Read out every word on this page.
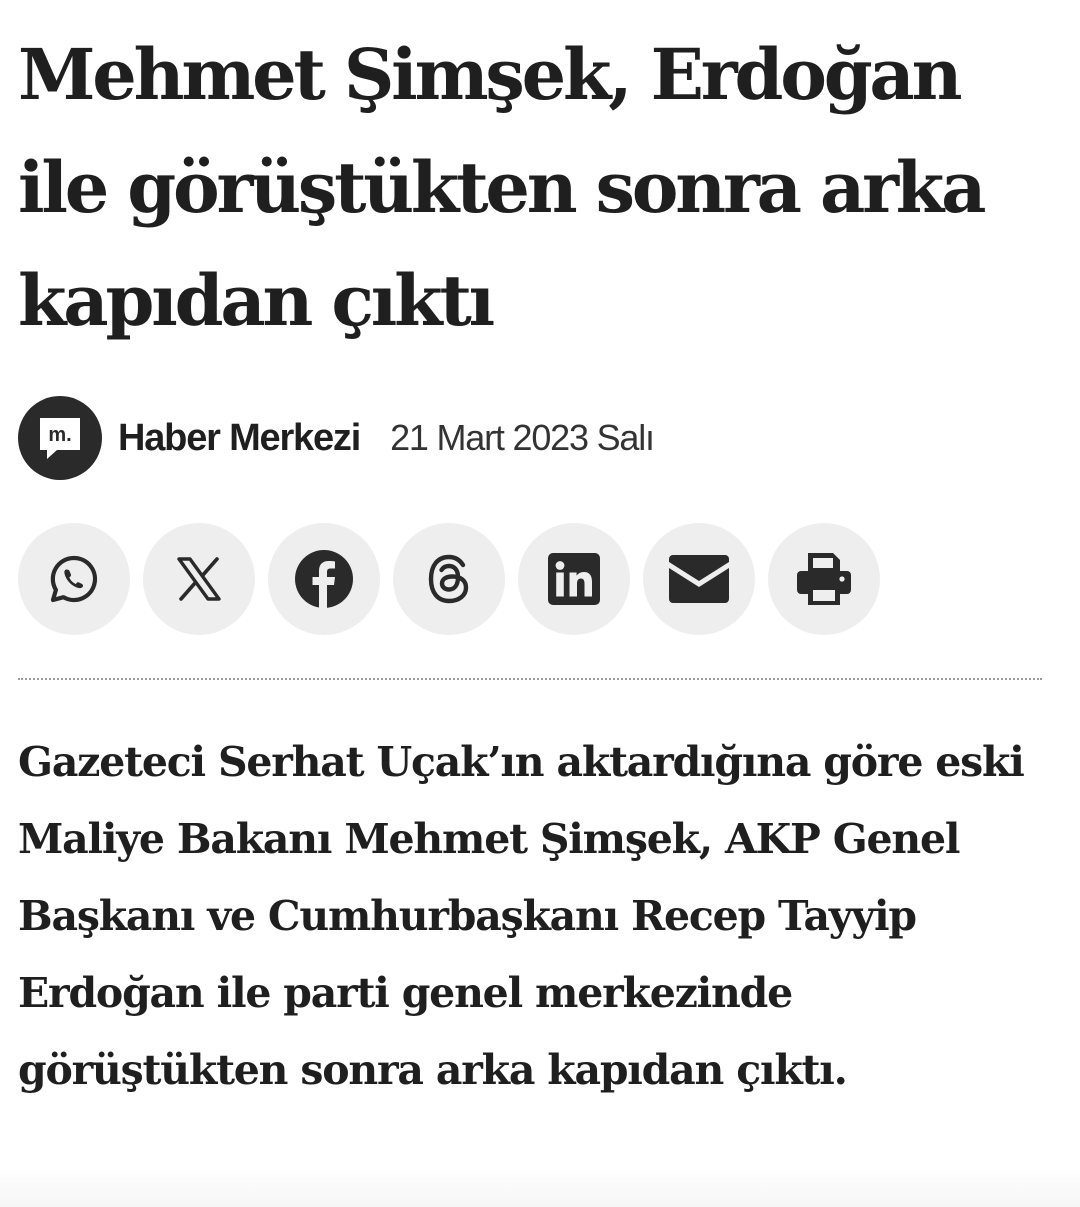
Mehmet Şimşek, Erdoğan ile görüştükten sonra arka kapıdan çıktı
m. Haber Merkezi 21 Mart 2023 Salı

Gazeteci Serhat Uçak’ın aktardığına göre eski Maliye Bakanı Mehmet Şimşek, AKP Genel Başkanı ve Cumhurbaşkanı Recep Tayyip Erdoğan ile parti genel merkezinde görüştükten sonra arka kapıdan çıktı.
